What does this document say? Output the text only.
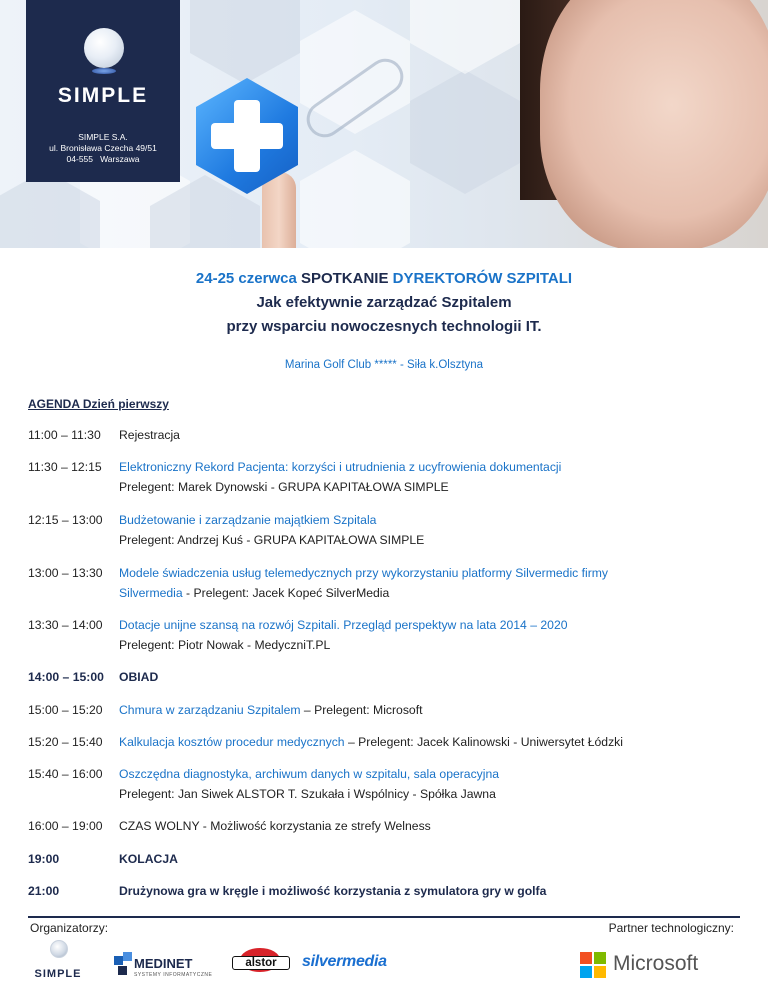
SIMPLE
SIMPLE S.A.
ul. Bronisława Czecha 49/51
04-555   Warszawa
24-25 czerwca SPOTKANIE DYREKTORÓW SZPITALI
Jak efektywnie zarządzać Szpitalem
przy wsparciu nowoczesnych technologii IT.
Marina Golf Club ***** - Siła k.Olsztyna
AGENDA Dzień pierwszy
11:00 – 11:30	Rejestracja
11:30 – 12:15	Elektroniczny Rekord Pacjenta: korzyści i utrudnienia z ucyfrowienia dokumentacji
Prelegent: Marek Dynowski - GRUPA KAPITAŁOWA SIMPLE
12:15 – 13:00	Budżetowanie i zarządzanie majątkiem Szpitala
Prelegent: Andrzej Kuś - GRUPA KAPITAŁOWA SIMPLE
13:00 – 13:30	Modele świadczenia usług telemedycznych przy wykorzystaniu platformy Silvermedic firmy
Silvermedia - Prelegent: Jacek Kopeć SilverMedia
13:30 – 14:00	Dotacje unijne szansą na rozwój Szpitali. Przegląd perspektyw na lata 2014 – 2020
Prelegent: Piotr Nowak - MedyczniT.PL
14:00 – 15:00	OBIAD
15:00 – 15:20	Chmura w zarządzaniu Szpitalem – Prelegent: Microsoft
15:20 – 15:40	Kalkulacja kosztów procedur medycznych – Prelegent: Jacek Kalinowski - Uniwersytet Łódzki
15:40 – 16:00	Oszczędna diagnostyka, archiwum danych w szpitalu, sala operacyjna
Prelegent: Jan Siwek ALSTOR T. Szukała i Wspólnicy - Spółka Jawna
16:00 – 19:00	CZAS WOLNY - Możliwość korzystania ze strefy Welness
19:00	KOLACJA
21:00	Drużynowa gra w kręgle i możliwość korzystania z symulatora gry w golfa
Organizatorzy:	Partner technologiczny:
SIMPLE
MEDINET
SYSTEMY INFORMATYCZNE
alstor	silvermedia	Microsoft
